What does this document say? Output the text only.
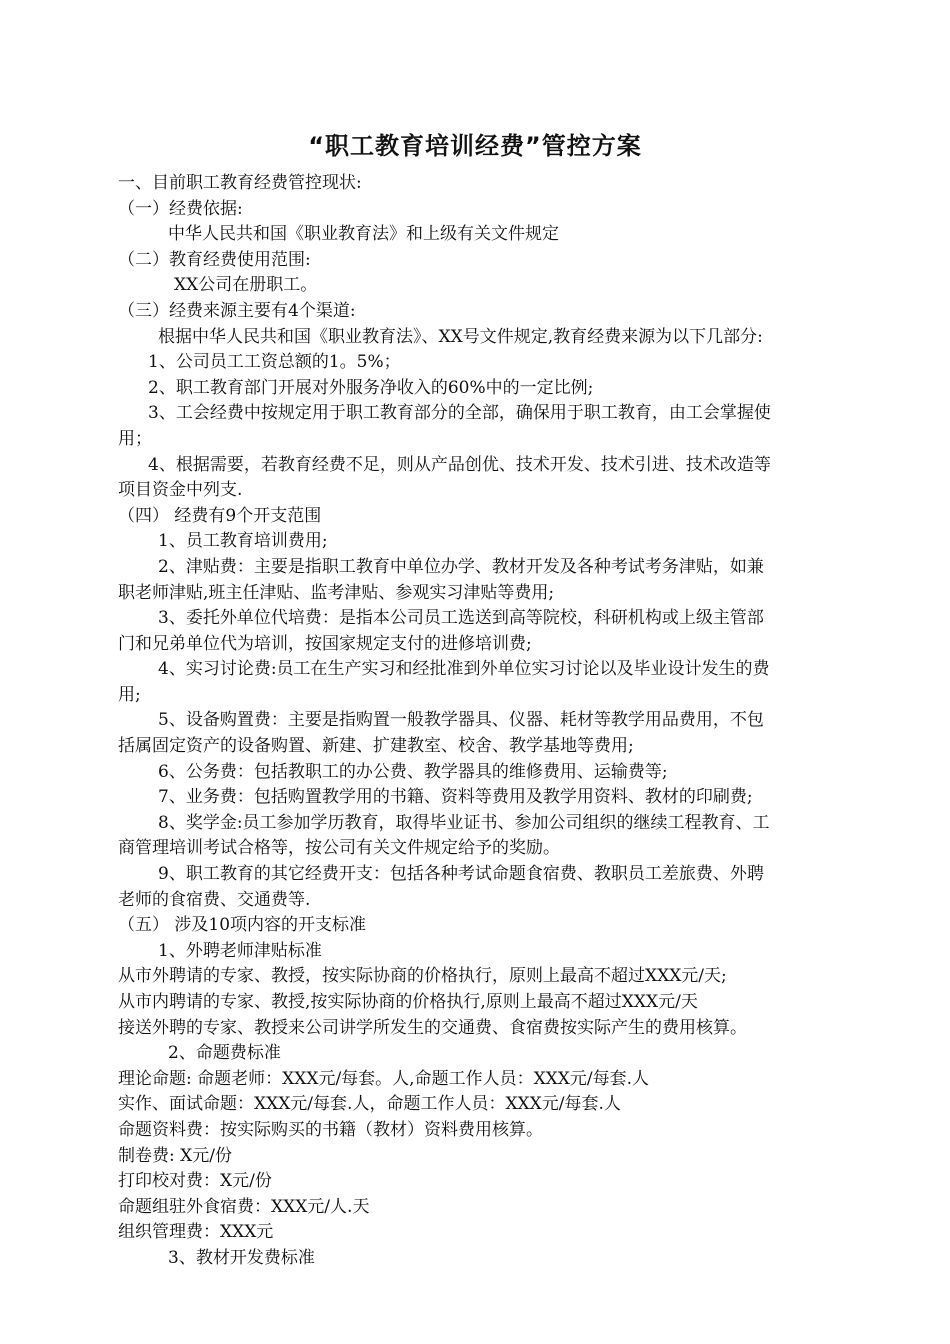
“职工教育培训经费”管控方案
一、目前职工教育经费管控现状:
（一）经费依据:
中华人民共和国《职业教育法》和上级有关文件规定
（二）教育经费使用范围:
XX公司在册职工。
（三）经费来源主要有4个渠道:
根据中华人民共和国《职业教育法》、XX号文件规定,教育经费来源为以下几部分:
1、公司员工工资总额的1。5%；
2、职工教育部门开展对外服务净收入的60%中的一定比例;
3、工会经费中按规定用于职工教育部分的全部，确保用于职工教育，由工会掌握使
用；
4、根据需要，若教育经费不足，则从产品创优、技术开发、技术引进、技术改造等
项目资金中列支.
（四） 经费有9个开支范围
1、员工教育培训费用;
2、津贴费：主要是指职工教育中单位办学、教材开发及各种考试考务津贴，如兼
职老师津贴,班主任津贴、监考津贴、参观实习津贴等费用;
3、委托外单位代培费：是指本公司员工选送到高等院校，科研机构或上级主管部
门和兄弟单位代为培训，按国家规定支付的进修培训费;
4、实习讨论费:员工在生产实习和经批准到外单位实习讨论以及毕业设计发生的费
用;
5、设备购置费：主要是指购置一般教学器具、仪器、耗材等教学用品费用，不包
括属固定资产的设备购置、新建、扩建教室、校舍、教学基地等费用;
6、公务费：包括教职工的办公费、教学器具的维修费用、运输费等;
7、业务费：包括购置教学用的书籍、资料等费用及教学用资料、教材的印刷费;
8、奖学金:员工参加学历教育，取得毕业证书、参加公司组织的继续工程教育、工
商管理培训考试合格等，按公司有关文件规定给予的奖励。
9、职工教育的其它经费开支：包括各种考试命题食宿费、教职员工差旅费、外聘
老师的食宿费、交通费等.
（五） 涉及10项内容的开支标准
1、外聘老师津贴标准
从市外聘请的专家、教授，按实际协商的价格执行，原则上最高不超过XXX元/天;
从市内聘请的专家、教授,按实际协商的价格执行,原则上最高不超过XXX元/天
接送外聘的专家、教授来公司讲学所发生的交通费、食宿费按实际产生的费用核算。
2、命题费标准
理论命题: 命题老师：XXX元/每套。人,命题工作人员：XXX元/每套.人
实作、面试命题：XXX元/每套.人，命题工作人员：XXX元/每套.人
命题资料费：按实际购买的书籍（教材）资料费用核算。
制卷费: X元/份
打印校对费：X元/份
命题组驻外食宿费：XXX元/人.天
组织管理费：XXX元
3、教材开发费标准
